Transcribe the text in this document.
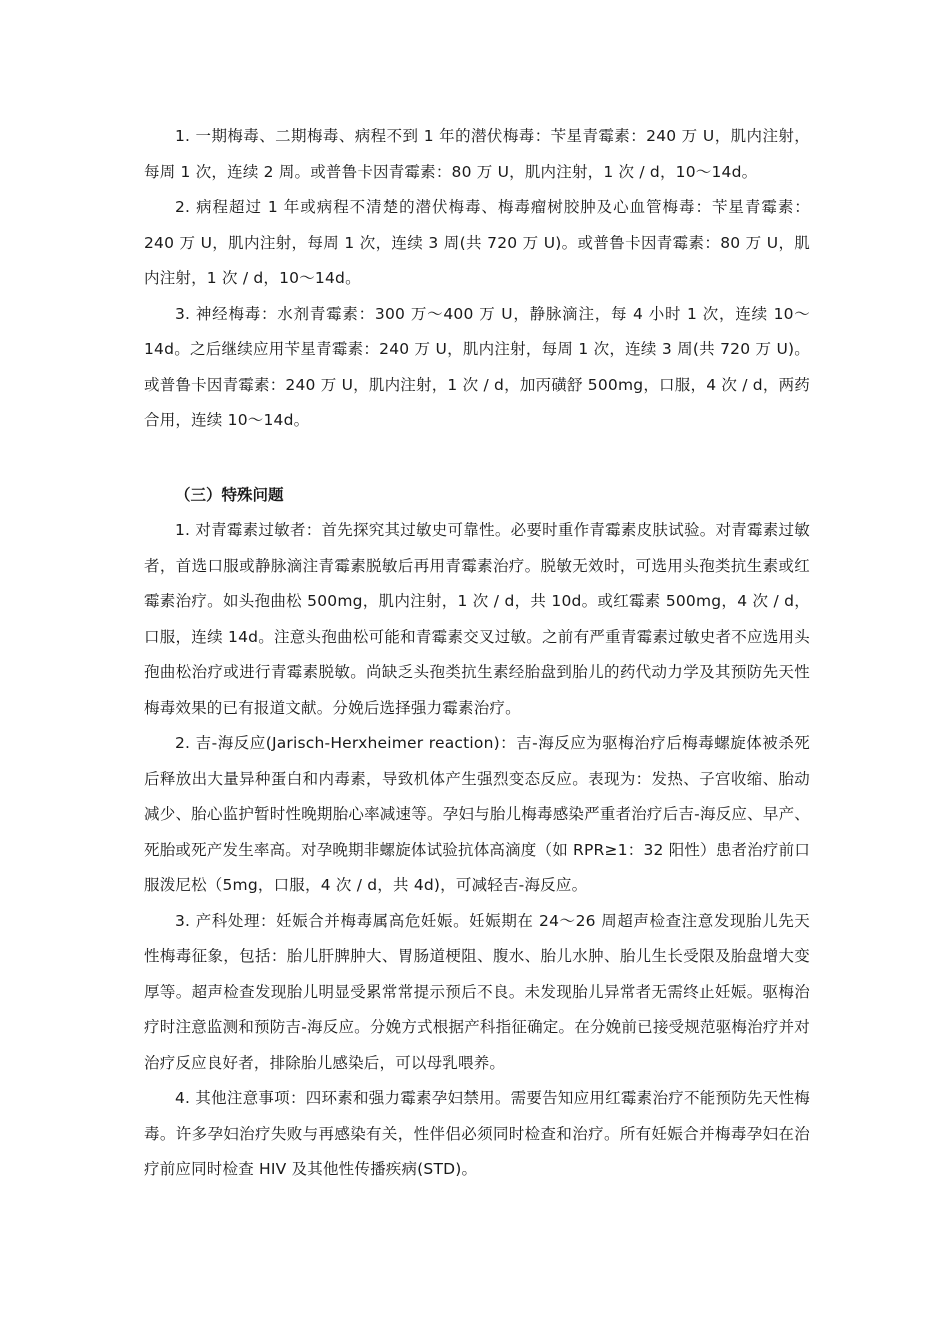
1. 一期梅毒、二期梅毒、病程不到 1 年的潜伏梅毒：苄星青霉素：240 万 U，肌内注射，每周 1 次，连续 2 周。或普鲁卡因青霉素：80 万 U，肌内注射，1 次 / d，10～14d。

2. 病程超过 1 年或病程不清楚的潜伏梅毒、梅毒瘤树胶肿及心血管梅毒：苄星青霉素：240 万 U，肌内注射，每周 1 次，连续 3 周(共 720 万 U)。或普鲁卡因青霉素：80 万 U，肌内注射，1 次 / d，10～14d。

3. 神经梅毒：水剂青霉素：300 万～400 万 U，静脉滴注，每 4 小时 1 次，连续 10～14d。之后继续应用苄星青霉素：240 万 U，肌内注射，每周 1 次，连续 3 周(共 720 万 U)。或普鲁卡因青霉素：240 万 U，肌内注射，1 次 / d，加丙磺舒 500mg，口服，4 次 / d，两药合用，连续 10～14d。

（三）特殊问题

1. 对青霉素过敏者：首先探究其过敏史可靠性。必要时重作青霉素皮肤试验。对青霉素过敏者，首选口服或静脉滴注青霉素脱敏后再用青霉素治疗。脱敏无效时，可选用头孢类抗生素或红霉素治疗。如头孢曲松 500mg，肌内注射，1 次 / d，共 10d。或红霉素 500mg，4 次 / d，口服，连续 14d。注意头孢曲松可能和青霉素交叉过敏。之前有严重青霉素过敏史者不应选用头孢曲松治疗或进行青霉素脱敏。尚缺乏头孢类抗生素经胎盘到胎儿的药代动力学及其预防先天性梅毒效果的已有报道文献。分娩后选择强力霉素治疗。

2. 吉-海反应(Jarisch-Herxheimer reaction)：吉-海反应为驱梅治疗后梅毒螺旋体被杀死后释放出大量异种蛋白和内毒素，导致机体产生强烈变态反应。表现为：发热、子宫收缩、胎动减少、胎心监护暂时性晚期胎心率减速等。孕妇与胎儿梅毒感染严重者治疗后吉-海反应、早产、死胎或死产发生率高。对孕晚期非螺旋体试验抗体高滴度（如 RPR≥1：32 阳性）患者治疗前口服泼尼松（5mg，口服，4 次 / d，共 4d)，可减轻吉-海反应。

3. 产科处理：妊娠合并梅毒属高危妊娠。妊娠期在 24～26 周超声检查注意发现胎儿先天性梅毒征象，包括：胎儿肝脾肿大、胃肠道梗阻、腹水、胎儿水肿、胎儿生长受限及胎盘增大变厚等。超声检查发现胎儿明显受累常常提示预后不良。未发现胎儿异常者无需终止妊娠。驱梅治疗时注意监测和预防吉-海反应。分娩方式根据产科指征确定。在分娩前已接受规范驱梅治疗并对治疗反应良好者，排除胎儿感染后，可以母乳喂养。

4. 其他注意事项：四环素和强力霉素孕妇禁用。需要告知应用红霉素治疗不能预防先天性梅毒。许多孕妇治疗失败与再感染有关，性伴侣必须同时检查和治疗。所有妊娠合并梅毒孕妇在治疗前应同时检查 HIV 及其他性传播疾病(STD)。
